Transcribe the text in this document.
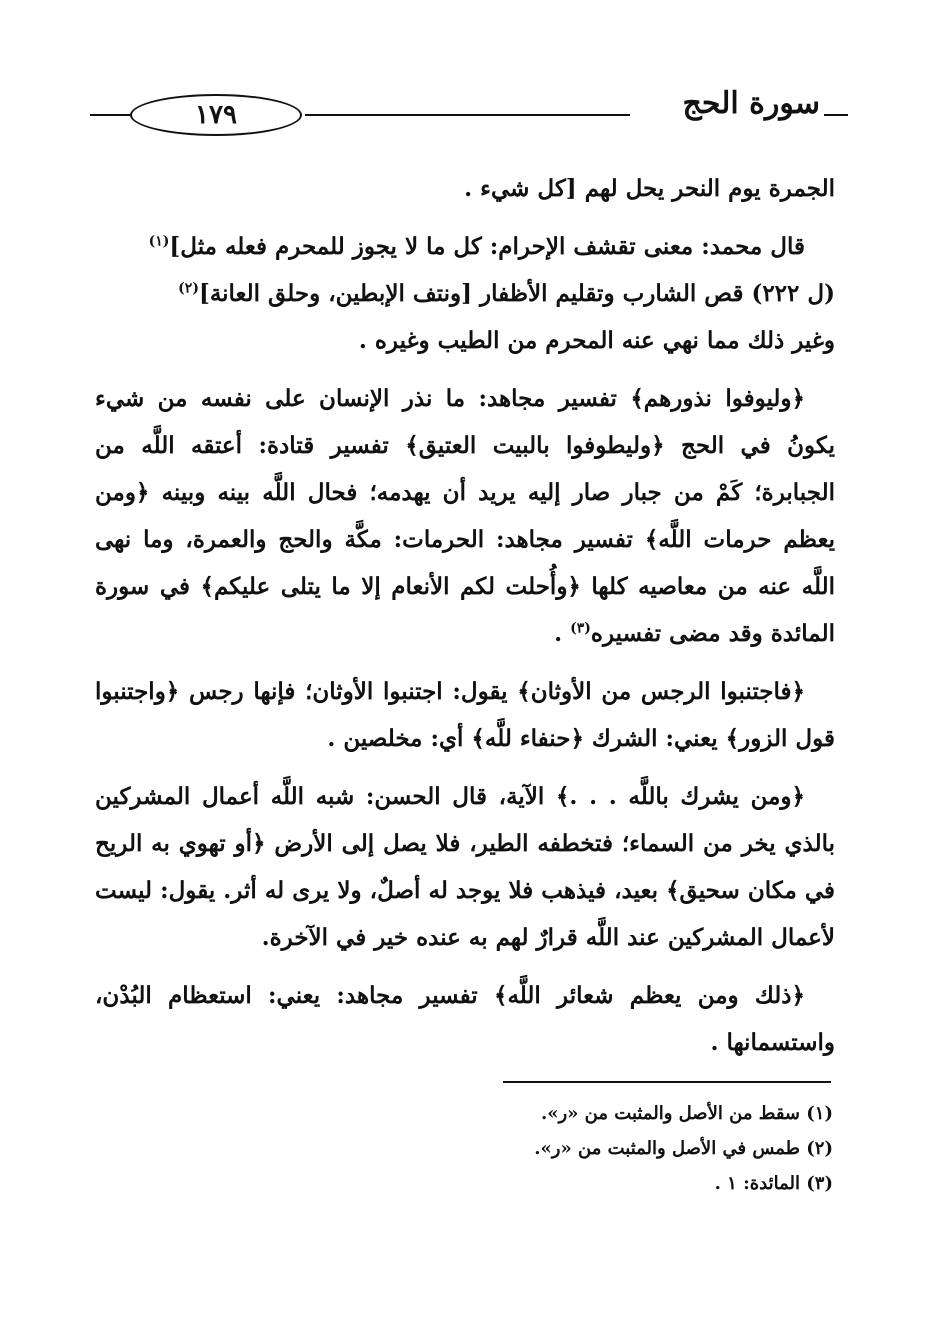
١٧٩	سورة الحج

الجمرة يوم النحر يحل لهم [كل شيء .

قال محمد: معنى تقشف الإحرام: كل ما لا يجوز للمحرم فعله مثل]$^{(١)}$
(ل ٢٢٢) قص الشارب وتقليم الأظفار [ونتف الإبطين، وحلق العانة]$^{(٢)}$
وغير ذلك مما نهي عنه المحرم من الطيب وغيره .

﴿وليوفوا نذورهم﴾ تفسير مجاهد: ما نذر الإنسان على نفسه من شيء يكونُ في الحج ﴿وليطوفوا بالبيت العتيق﴾ تفسير قتادة: أعتقه اللَّه من الجبابرة؛ كَمْ من جبار صار إليه يريد أن يهدمه؛ فحال اللَّه بينه وبينه ﴿ومن يعظم حرمات اللَّه﴾ تفسير مجاهد: الحرمات: مكَّة والحج والعمرة، وما نهى اللَّه عنه من معاصيه كلها ﴿وأُحلت لكم الأنعام إلا ما يتلى عليكم﴾ في سورة المائدة وقد مضى تفسيره$^{(٣)}$ .

﴿فاجتنبوا الرجس من الأوثان﴾ يقول: اجتنبوا الأوثان؛ فإنها رجس ﴿واجتنبوا قول الزور﴾ يعني: الشرك ﴿حنفاء للَّه﴾ أي: مخلصين .

﴿ومن يشرك باللَّه . . .﴾ الآية، قال الحسن: شبه اللَّه أعمال المشركين بالذي يخر من السماء؛ فتخطفه الطير، فلا يصل إلى الأرض ﴿أو تهوي به الريح في مكان سحيق﴾ بعيد، فيذهب فلا يوجد له أصلٌ، ولا يرى له أثر. يقول: ليست لأعمال المشركين عند اللَّه قرارٌ لهم به عنده خير في الآخرة.

﴿ذلك ومن يعظم شعائر اللَّه﴾ تفسير مجاهد: يعني: استعظام البُدْن، واستسمانها .

(١) سقط من الأصل والمثبت من «ر».
(٢) طمس في الأصل والمثبت من «ر».
(٣) المائدة: ١ .
